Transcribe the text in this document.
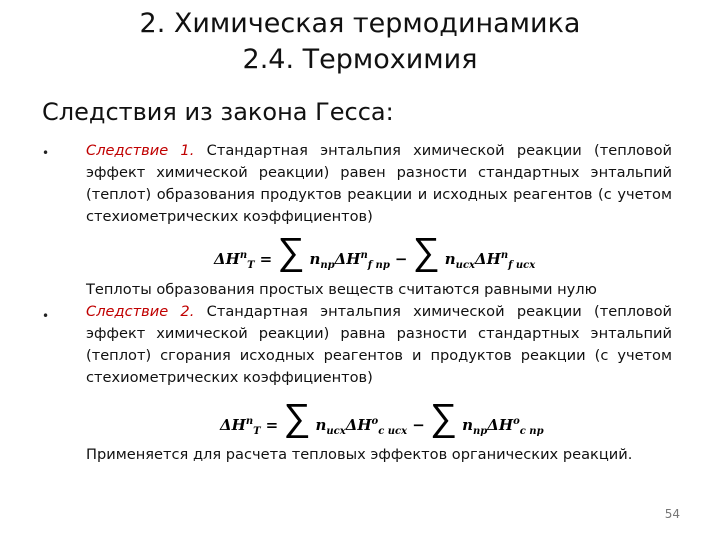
2. Химическая термодинамика
2.4. Термохимия
Следствия из закона Гесса:
•	Следствие 1. Стандартная энтальпия химической реакции (тепловой эффект химической реакции) равен разности стандартных энтальпий (теплот) образования продуктов реакции и исходных реагентов (с учетом стехиометрических коэффициентов)
$\Delta H^n_T$ = ∑ $n_{пр}\Delta H^n_{f пр}$ − ∑ $n_{исх}\Delta H^n_{f исх}$
Теплоты образования простых веществ считаются равными нулю
•	Следствие 2. Стандартная энтальпия химической реакции (тепловой эффект химической реакции) равна разности стандартных энтальпий (теплот) сгорания исходных реагентов и продуктов реакции (с учетом стехиометрических коэффициентов)
$\Delta H^n_T$ = ∑ $n_{исх}\Delta H^o_{c исх}$ − ∑ $n_{пр}\Delta H^o_{c пр}$
Применяется для расчета тепловых эффектов органических реакций.
54
